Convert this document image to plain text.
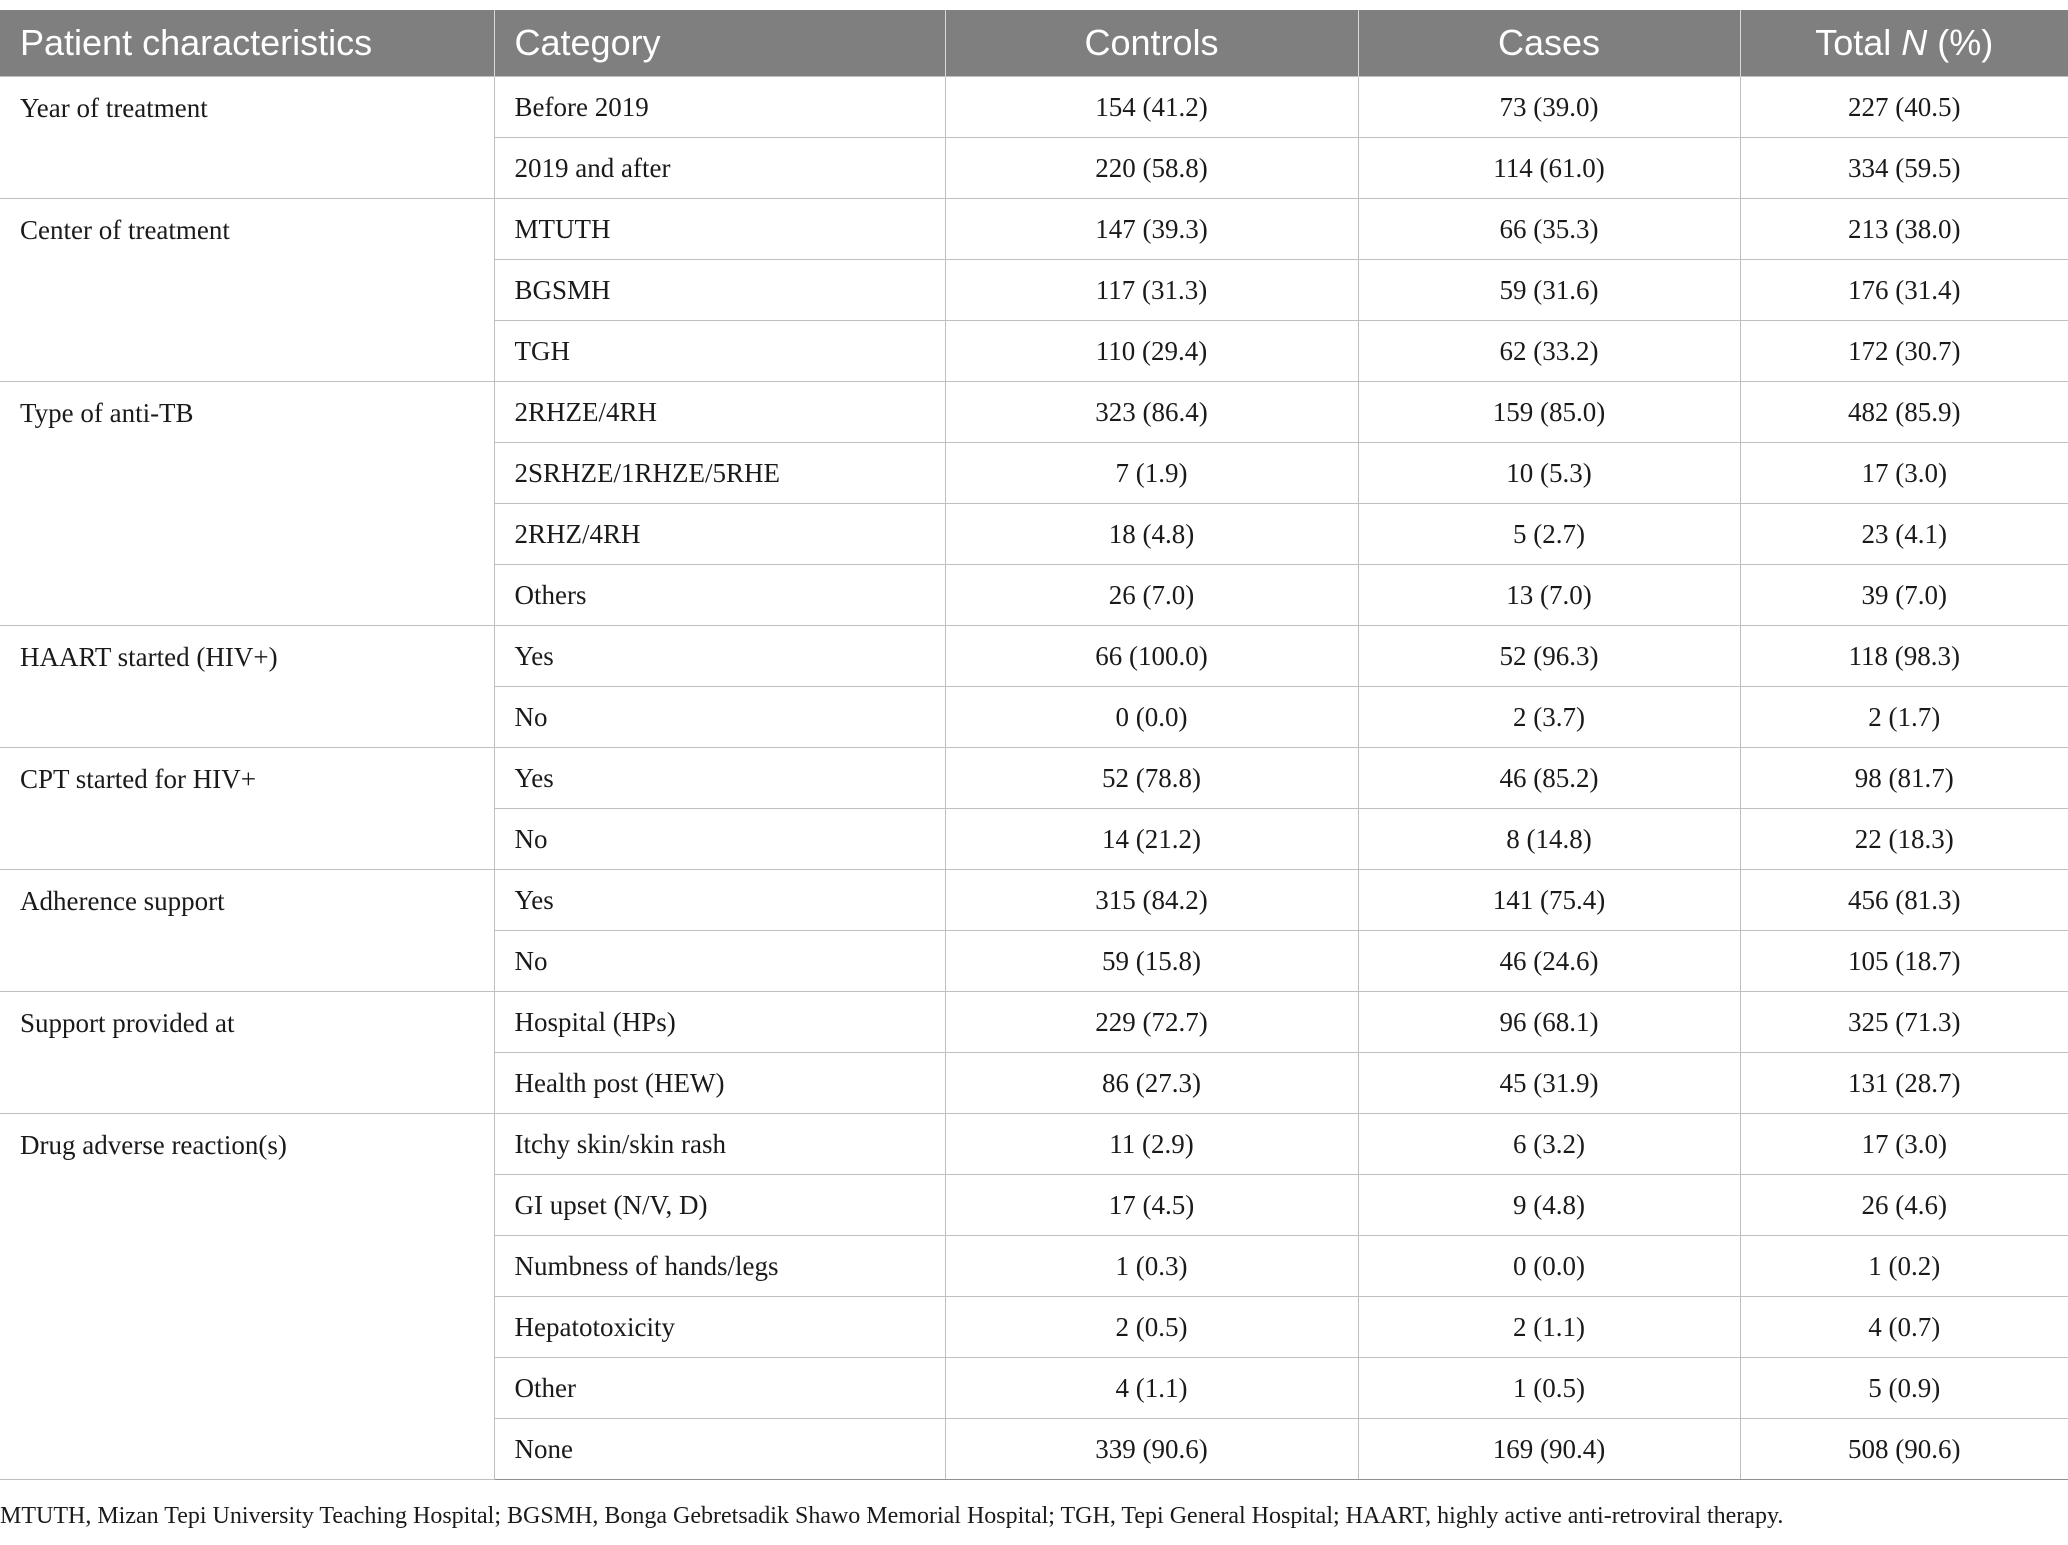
Patient characteristics	Category	Controls	Cases	Total N (%)
Year of treatment	Before 2019	154 (41.2)	73 (39.0)	227 (40.5)
	2019 and after	220 (58.8)	114 (61.0)	334 (59.5)
Center of treatment	MTUTH	147 (39.3)	66 (35.3)	213 (38.0)
	BGSMH	117 (31.3)	59 (31.6)	176 (31.4)
	TGH	110 (29.4)	62 (33.2)	172 (30.7)
Type of anti-TB	2RHZE/4RH	323 (86.4)	159 (85.0)	482 (85.9)
	2SRHZE/1RHZE/5RHE	7 (1.9)	10 (5.3)	17 (3.0)
	2RHZ/4RH	18 (4.8)	5 (2.7)	23 (4.1)
	Others	26 (7.0)	13 (7.0)	39 (7.0)
HAART started (HIV+)	Yes	66 (100.0)	52 (96.3)	118 (98.3)
	No	0 (0.0)	2 (3.7)	2 (1.7)
CPT started for HIV+	Yes	52 (78.8)	46 (85.2)	98 (81.7)
	No	14 (21.2)	8 (14.8)	22 (18.3)
Adherence support	Yes	315 (84.2)	141 (75.4)	456 (81.3)
	No	59 (15.8)	46 (24.6)	105 (18.7)
Support provided at	Hospital (HPs)	229 (72.7)	96 (68.1)	325 (71.3)
	Health post (HEW)	86 (27.3)	45 (31.9)	131 (28.7)
Drug adverse reaction(s)	Itchy skin/skin rash	11 (2.9)	6 (3.2)	17 (3.0)
	GI upset (N/V, D)	17 (4.5)	9 (4.8)	26 (4.6)
	Numbness of hands/legs	1 (0.3)	0 (0.0)	1 (0.2)
	Hepatotoxicity	2 (0.5)	2 (1.1)	4 (0.7)
	Other	4 (1.1)	1 (0.5)	5 (0.9)
	None	339 (90.6)	169 (90.4)	508 (90.6)
MTUTH, Mizan Tepi University Teaching Hospital; BGSMH, Bonga Gebretsadik Shawo Memorial Hospital; TGH, Tepi General Hospital; HAART, highly active anti-retroviral therapy.
